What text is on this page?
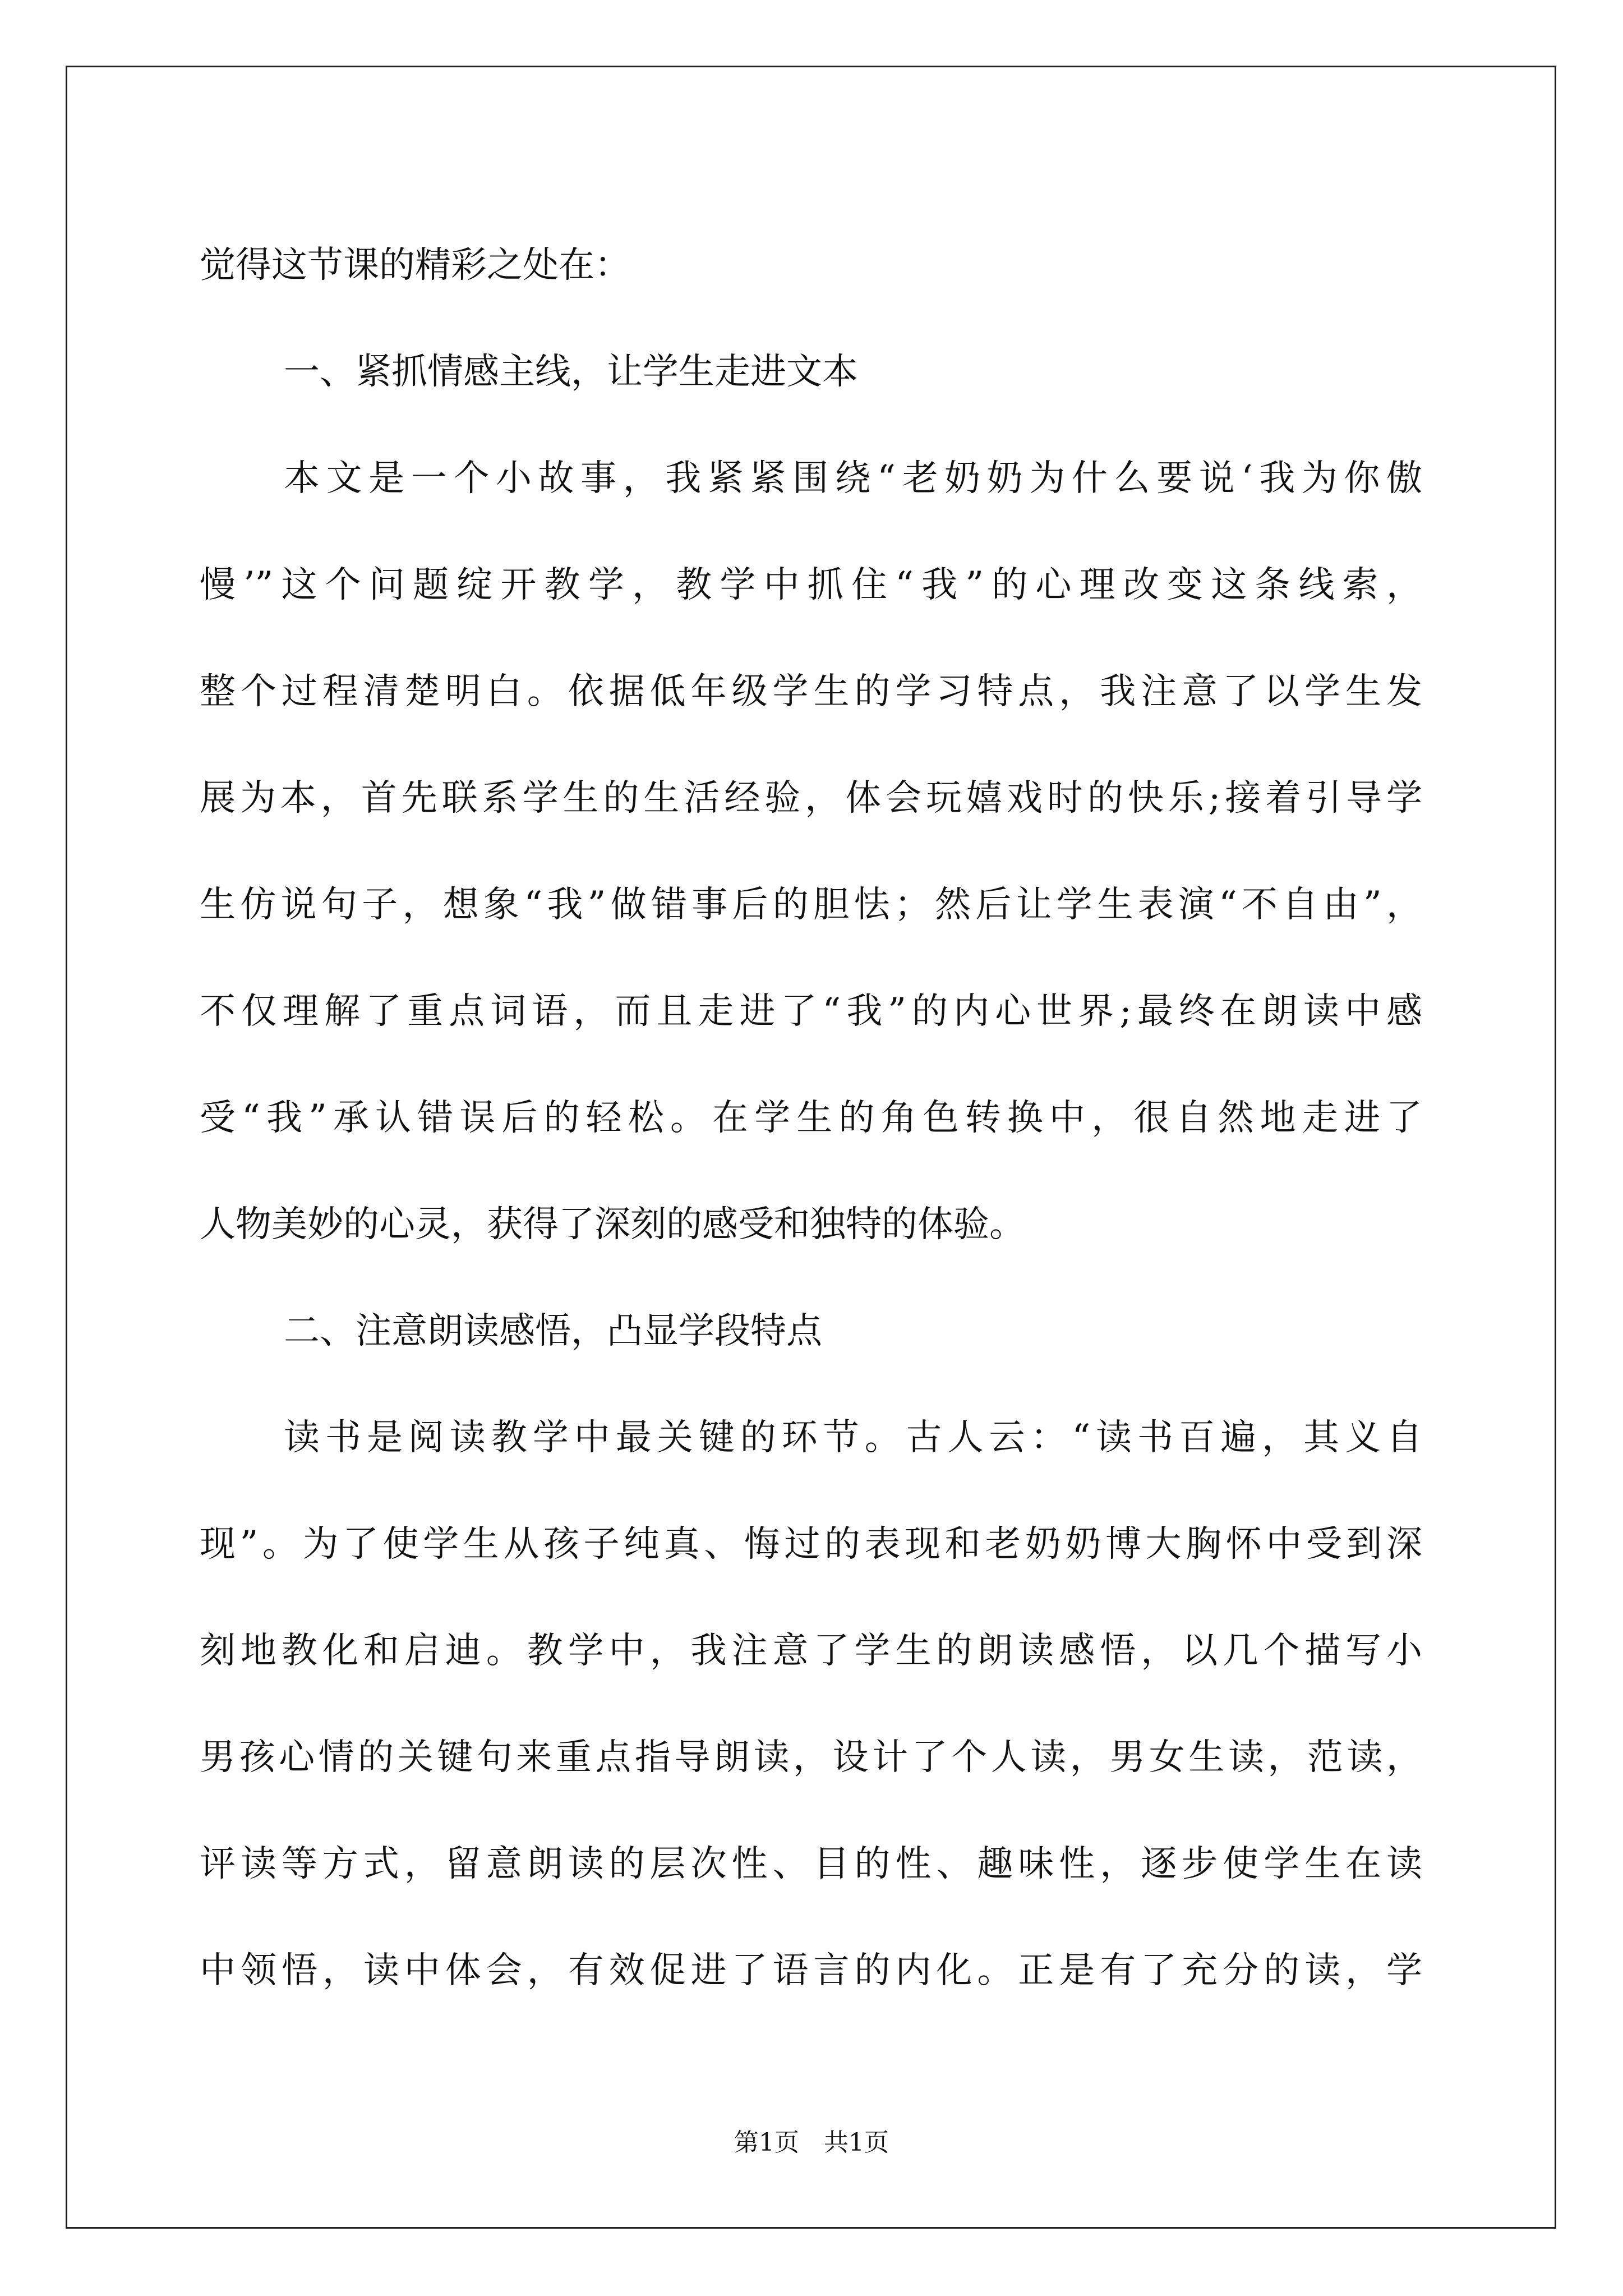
觉得这节课的精彩之处在：
一、紧抓情感主线，让学生走进文本
本文是一个小故事，我紧紧围绕“老奶奶为什么要说‘我为你傲
慢’”这个问题绽开教学，教学中抓住“我”的心理改变这条线索，
整个过程清楚明白。依据低年级学生的学习特点，我注意了以学生发
展为本，首先联系学生的生活经验，体会玩嬉戏时的快乐;接着引导学
生仿说句子，想象“我”做错事后的胆怯；然后让学生表演“不自由”，
不仅理解了重点词语，而且走进了“我”的内心世界;最终在朗读中感
受“我”承认错误后的轻松。在学生的角色转换中，很自然地走进了
人物美妙的心灵，获得了深刻的感受和独特的体验。
二、注意朗读感悟，凸显学段特点
读书是阅读教学中最关键的环节。古人云：“读书百遍，其义自
现”。为了使学生从孩子纯真、悔过的表现和老奶奶博大胸怀中受到深
刻地教化和启迪。教学中，我注意了学生的朗读感悟，以几个描写小
男孩心情的关键句来重点指导朗读，设计了个人读，男女生读，范读，
评读等方式，留意朗读的层次性、目的性、趣味性，逐步使学生在读
中领悟，读中体会，有效促进了语言的内化。正是有了充分的读，学
第1页 共1页
